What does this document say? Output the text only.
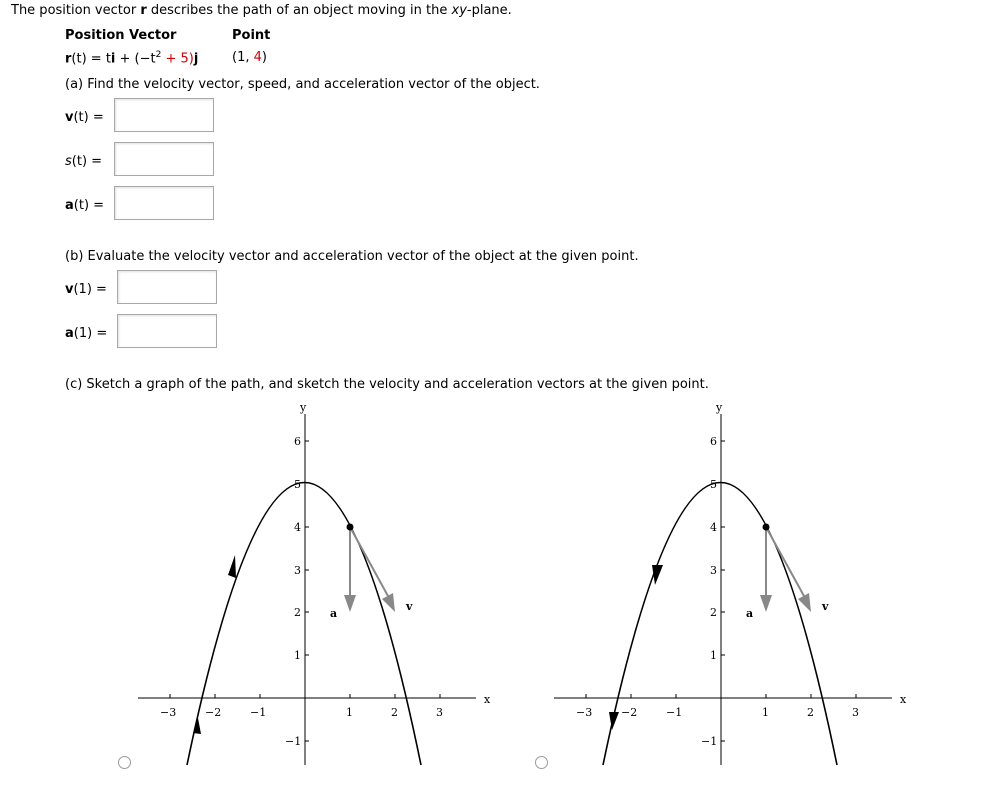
The position vector r describes the path of an object moving in the xy-plane.
Position Vector	Point
r(t) = ti + $(-t^2 + 5)j$	(1, 4)
(a) Find the velocity vector, speed, and acceleration vector of the object.
v(t) =
s(t) =
a(t) =
(b) Evaluate the velocity vector and acceleration vector of the object at the given point.
v(1) =
a(1) =
(c) Sketch a graph of the path, and sketch the velocity and acceleration vectors at the given point.
x
y
−3	−2	−1	1	2	3
−1
1
2
3
4
5
6
a
v
x
y
−3	−2	−1	1	2	3
−1
1
2
3
4
5
6
a
v
